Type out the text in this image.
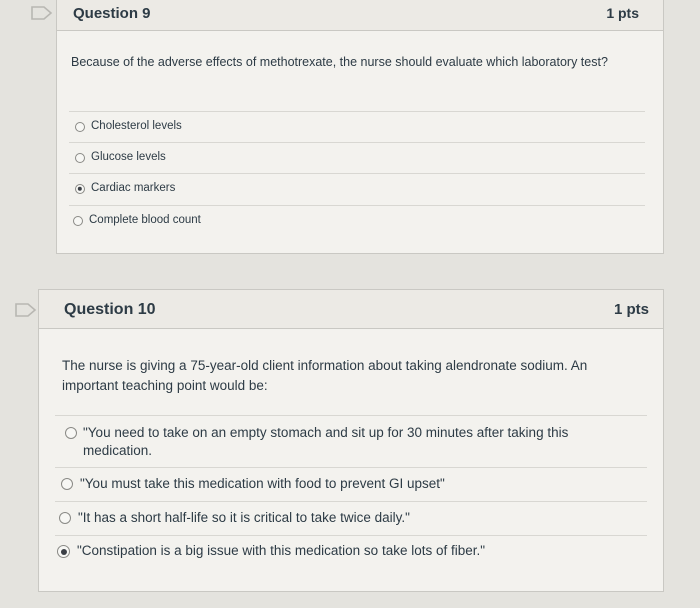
Question 9	1 pts
Because of the adverse effects of methotrexate, the nurse should evaluate which laboratory test?
Cholesterol levels
Glucose levels
Cardiac markers
Complete blood count
Question 10	1 pts
The nurse is giving a 75-year-old client information about taking alendronate sodium. An important teaching point would be:
"You need to take on an empty stomach and sit up for 30 minutes after taking this medication.
"You must take this medication with food to prevent GI upset"
"It has a short half-life so it is critical to take twice daily."
"Constipation is a big issue with this medication so take lots of fiber."
